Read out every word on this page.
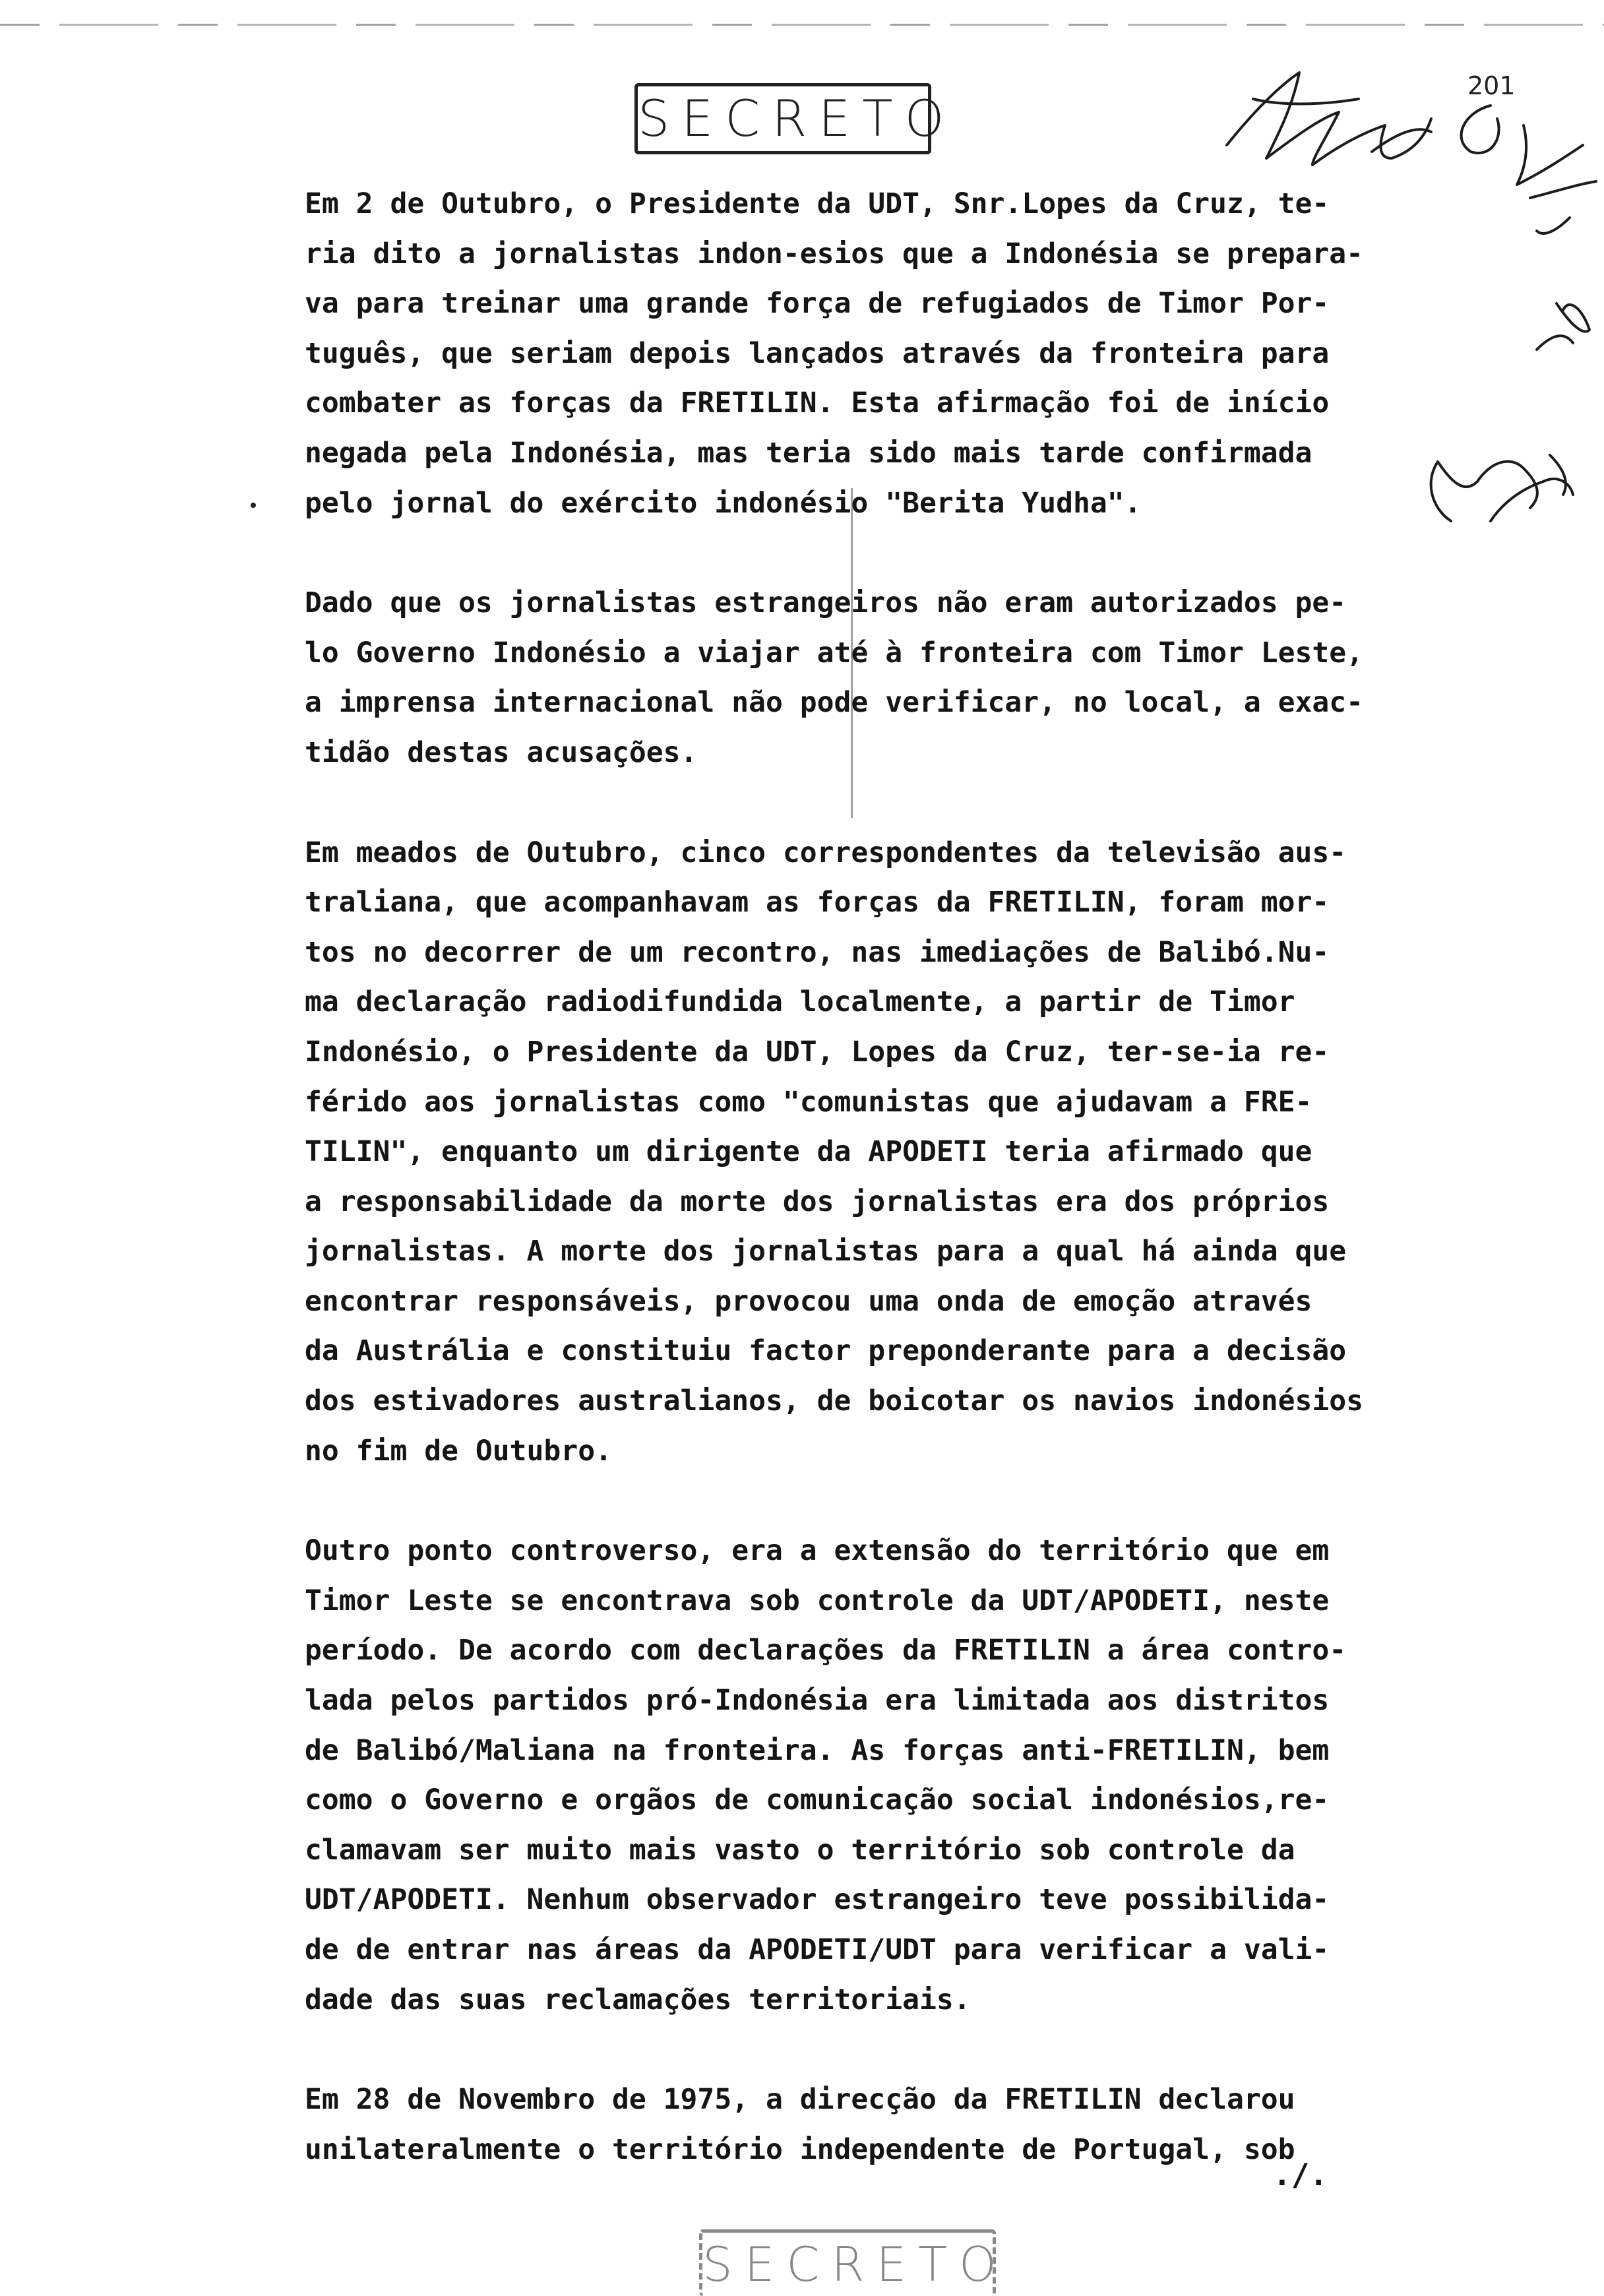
SECRETO
201
Em 2 de Outubro, o Presidente da UDT, Snr.Lopes da Cruz, te-
ria dito a jornalistas indon-esios que a Indonésia se prepara-
va para treinar uma grande força de refugiados de Timor Por-
tuguês, que seriam depois lançados através da fronteira para
combater as forças da FRETILIN. Esta afirmação foi de início
negada pela Indonésia, mas teria sido mais tarde confirmada
pelo jornal do exército indonésio "Berita Yudha".
Dado que os jornalistas estrangeiros não eram autorizados pe-
lo Governo Indonésio a viajar até à fronteira com Timor Leste,
a imprensa internacional não pode verificar, no local, a exac-
tidão destas acusações.
Em meados de Outubro, cinco correspondentes da televisão aus-
traliana, que acompanhavam as forças da FRETILIN, foram mor-
tos no decorrer de um recontro, nas imediações de Balibó.Nu-
ma declaração radiodifundida localmente, a partir de Timor
Indonésio, o Presidente da UDT, Lopes da Cruz, ter-se-ia re-
férido aos jornalistas como "comunistas que ajudavam a FRE-
TILIN", enquanto um dirigente da APODETI teria afirmado que
a responsabilidade da morte dos jornalistas era dos próprios
jornalistas. A morte dos jornalistas para a qual há ainda que
encontrar responsáveis, provocou uma onda de emoção através
da Austrália e constituiu factor preponderante para a decisão
dos estivadores australianos, de boicotar os navios indonésios
no fim de Outubro.
Outro ponto controverso, era a extensão do território que em
Timor Leste se encontrava sob controle da UDT/APODETI, neste
período. De acordo com declarações da FRETILIN a área contro-
lada pelos partidos pró-Indonésia era limitada aos distritos
de Balibó/Maliana na fronteira. As forças anti-FRETILIN, bem
como o Governo e orgãos de comunicação social indonésios,re-
clamavam ser muito mais vasto o território sob controle da
UDT/APODETI. Nenhum observador estrangeiro teve possibilida-
de de entrar nas áreas da APODETI/UDT para verificar a vali-
dade das suas reclamações territoriais.
Em 28 de Novembro de 1975, a direcção da FRETILIN declarou
unilateralmente o território independente de Portugal, sob
./.
SECRETO
